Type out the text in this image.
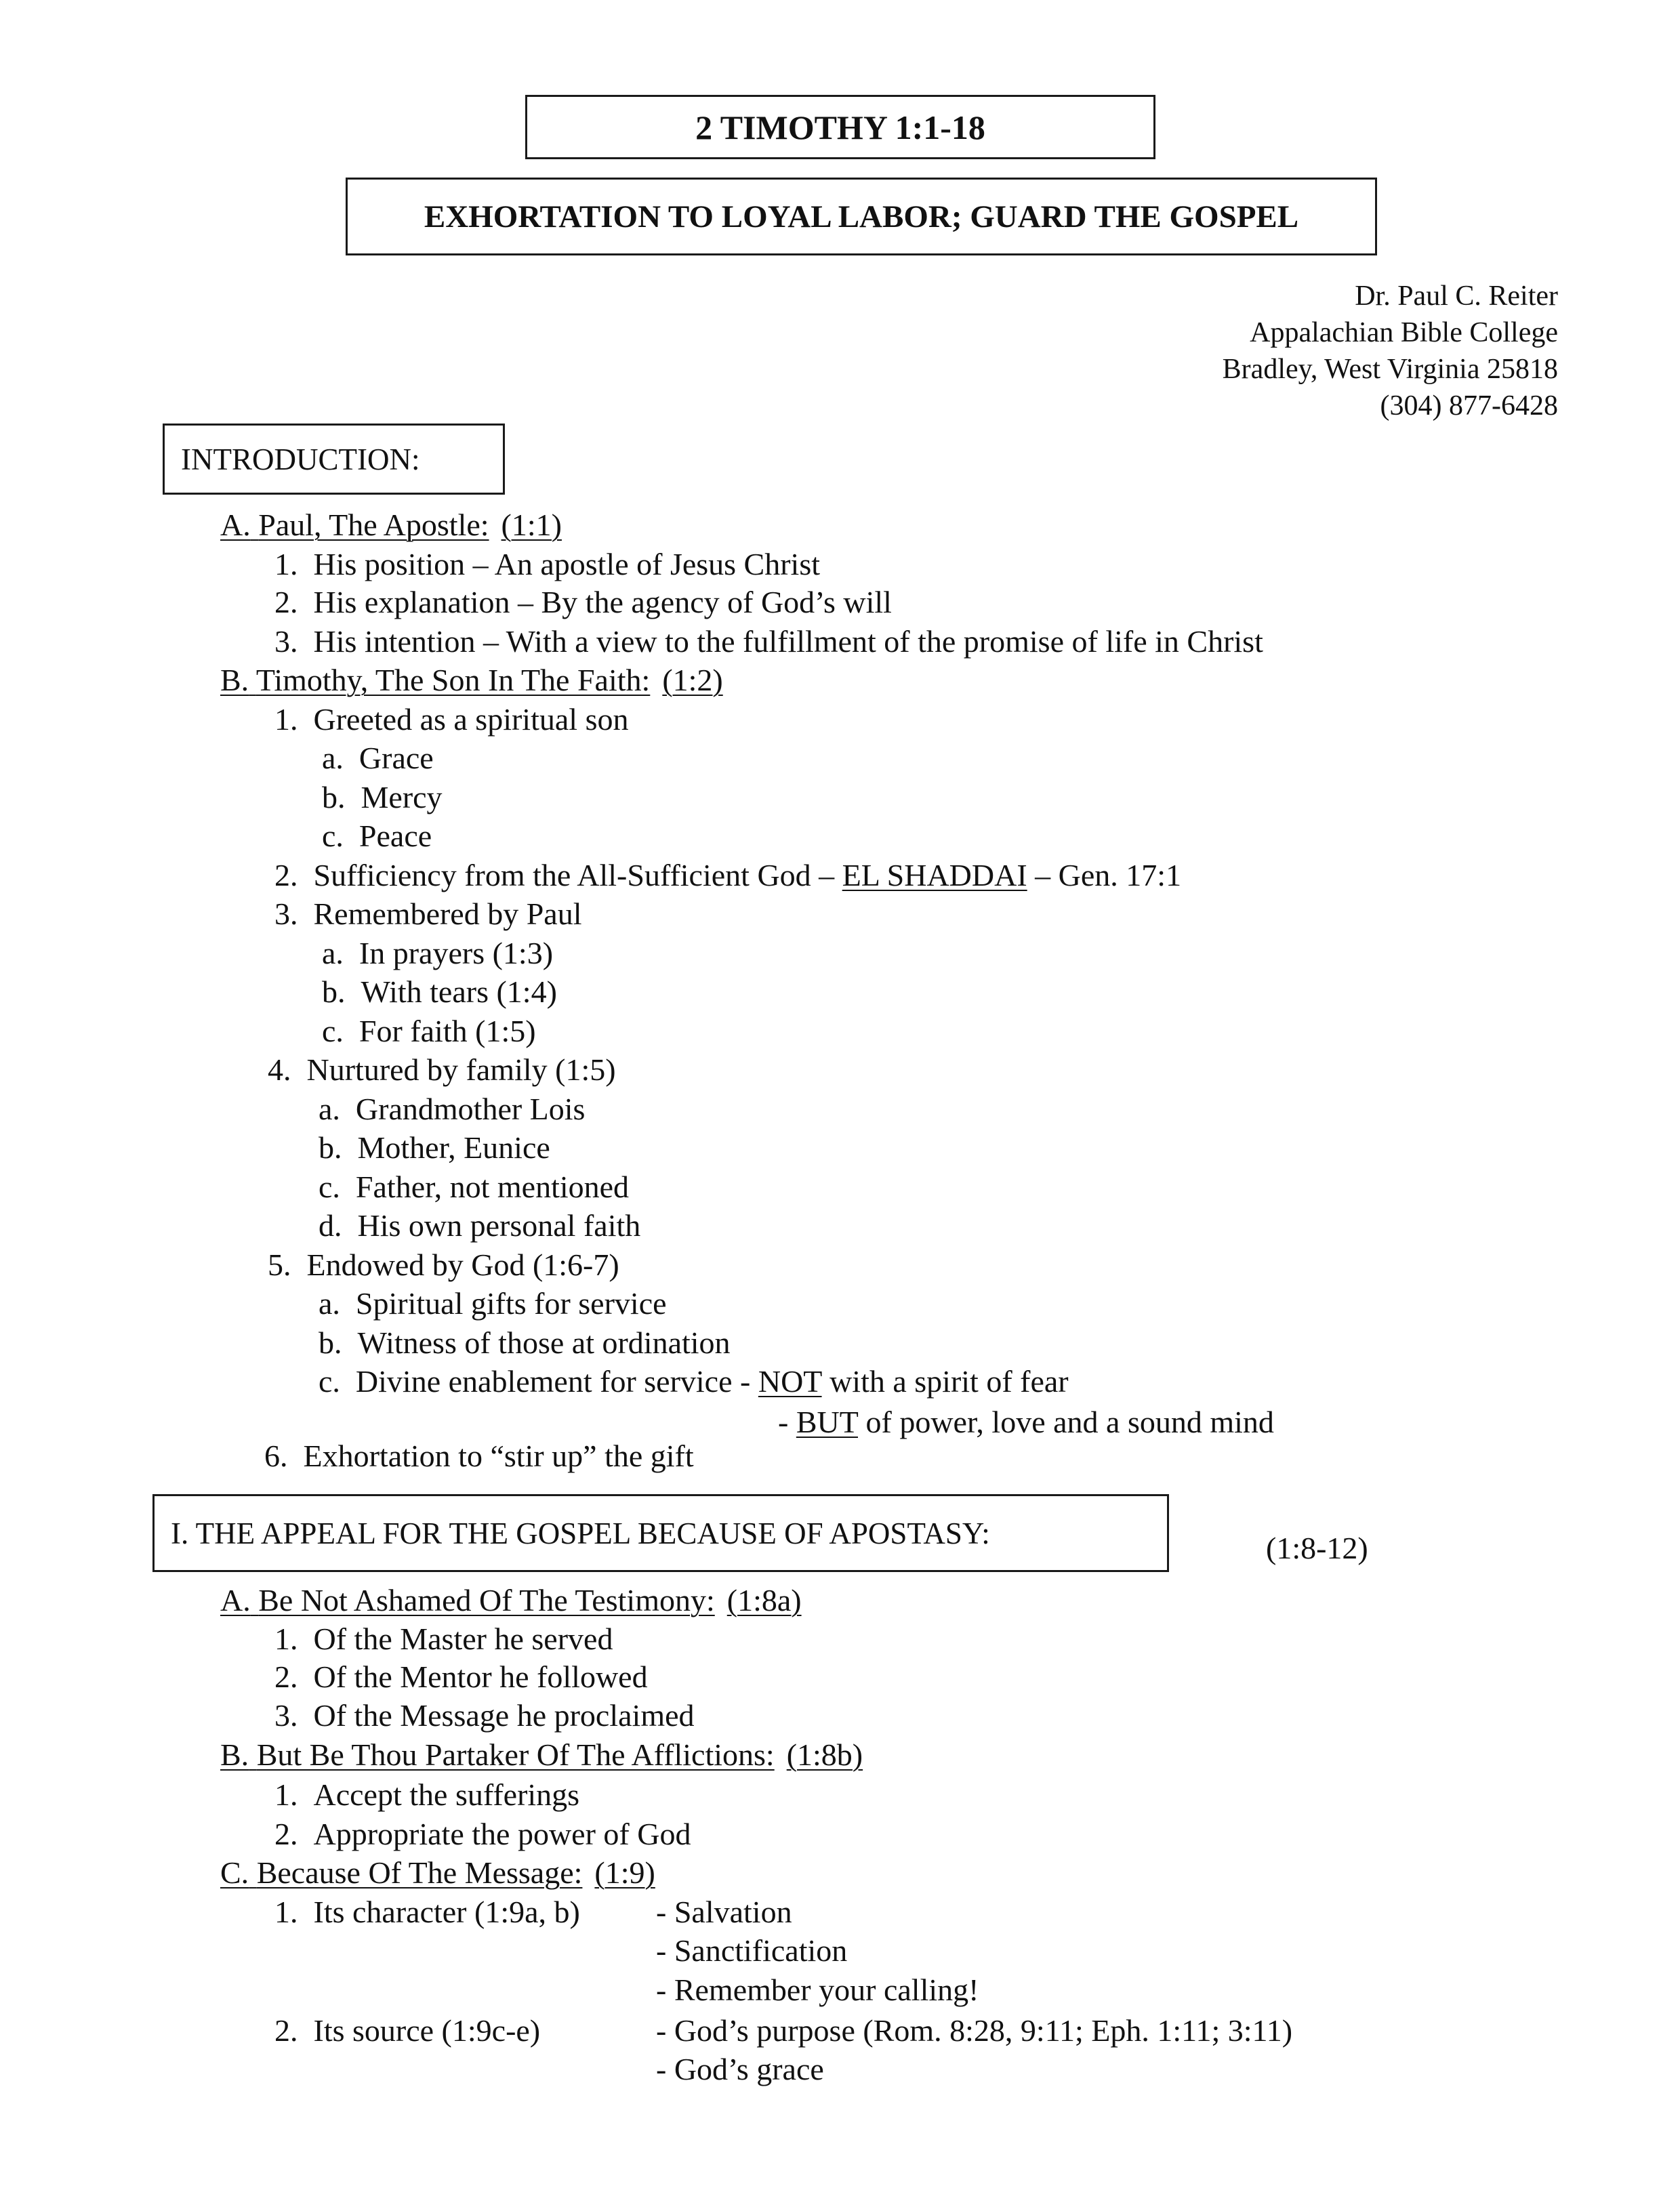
2 TIMOTHY 1:1-18
EXHORTATION TO LOYAL LABOR; GUARD THE GOSPEL
Dr. Paul C. Reiter
Appalachian Bible College
Bradley, West Virginia 25818
(304) 877-6428
INTRODUCTION:
A. Paul, The Apostle: (1:1)
1. His position – An apostle of Jesus Christ
2. His explanation – By the agency of God’s will
3. His intention – With a view to the fulfillment of the promise of life in Christ
B. Timothy, The Son In The Faith: (1:2)
1. Greeted as a spiritual son
a. Grace
b. Mercy
c. Peace
2. Sufficiency from the All-Sufficient God – EL SHADDAI – Gen. 17:1
3. Remembered by Paul
a. In prayers (1:3)
b. With tears (1:4)
c. For faith (1:5)
4. Nurtured by family (1:5)
a. Grandmother Lois
b. Mother, Eunice
c. Father, not mentioned
d. His own personal faith
5. Endowed by God (1:6-7)
a. Spiritual gifts for service
b. Witness of those at ordination
c. Divine enablement for service - NOT with a spirit of fear
- BUT of power, love and a sound mind
6. Exhortation to “stir up” the gift
I. THE APPEAL FOR THE GOSPEL BECAUSE OF APOSTASY:	(1:8-12)
A. Be Not Ashamed Of The Testimony: (1:8a)
1. Of the Master he served
2. Of the Mentor he followed
3. Of the Message he proclaimed
B. But Be Thou Partaker Of The Afflictions: (1:8b)
1. Accept the sufferings
2. Appropriate the power of God
C. Because Of The Message: (1:9)
1. Its character (1:9a, b) - Salvation
- Sanctification
- Remember your calling!
2. Its source (1:9c-e)	- God’s purpose (Rom. 8:28, 9:11; Eph. 1:11; 3:11)
- God’s grace
